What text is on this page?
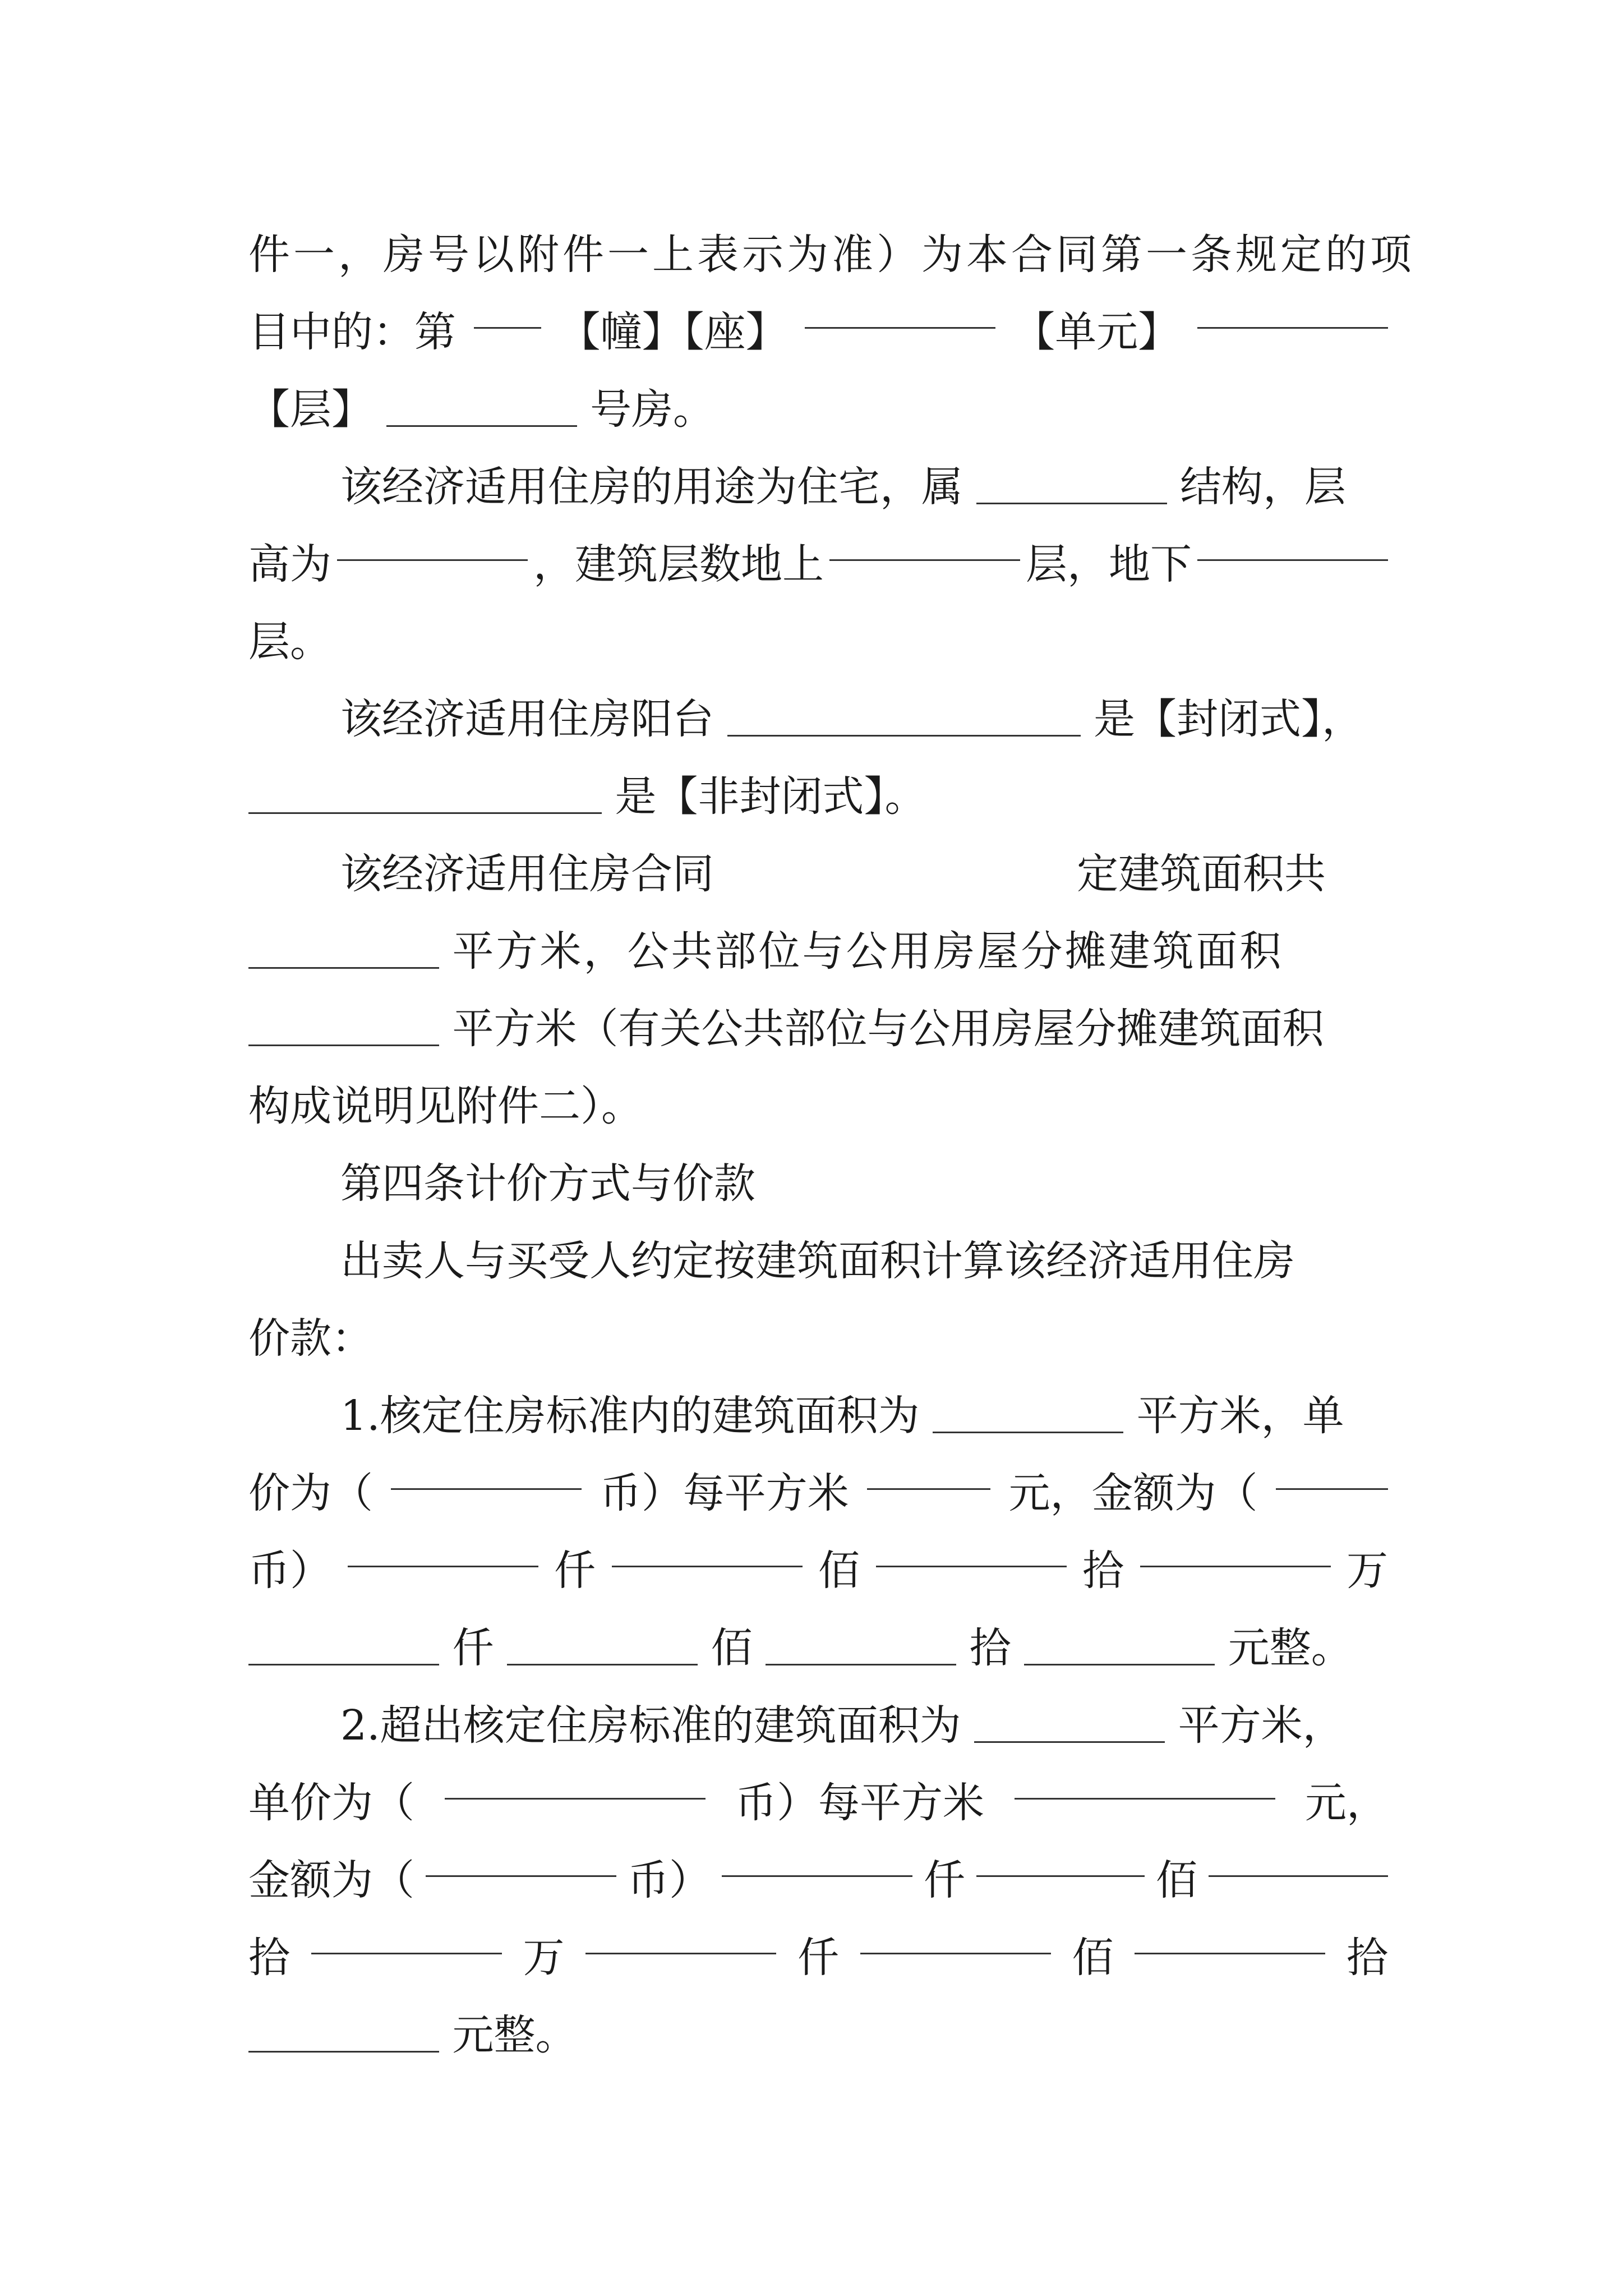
件一，房号以附件一上表示为准）为本合同第一条规定的项
目中的：第 【幢】【座】	【单元】
【层】	号房。
该经济适用住房的用途为住宅，属	结构，层
高为	，建筑层数地上	层，地下
层。
该经济适用住房阳台	是【封闭式】，
是【非封闭式】。
该经济适用住房合同	定建筑面积共
平方米，公共部位与公用房屋分摊建筑面积
平方米（有关公共部位与公用房屋分摊建筑面积
构成说明见附件二）。
第四条计价方式与价款
出卖人与买受人约定按建筑面积计算该经济适用住房
价款：
1.核定住房标准内的建筑面积为	平方米，单
价为（	币）每平方米	元，金额为（
币）	仟	佰	拾	万
仟	佰	拾	元整。
2.超出核定住房标准的建筑面积为	平方米，
单价为（	币）每平方米	元，
金额为（	币）	仟	佰
拾	万	仟	佰	拾
元整。
